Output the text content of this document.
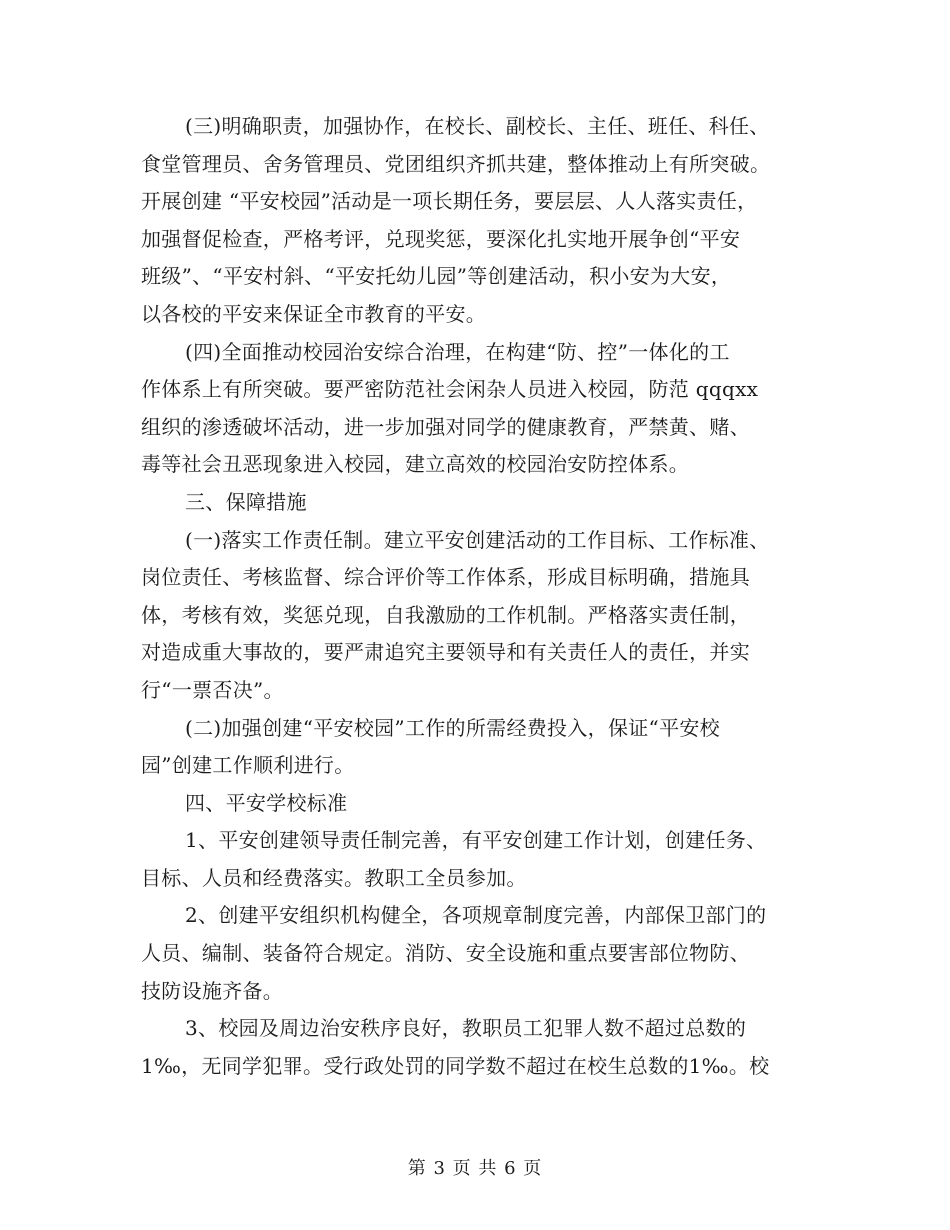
(三)明确职责，加强协作，在校长、副校长、主任、班任、科任、
食堂管理员、舍务管理员、党团组织齐抓共建，整体推动上有所突破。
开展创建 “平安校园”活动是一项长期任务，要层层、人人落实责任，
加强督促检查，严格考评，兑现奖惩，要深化扎实地开展争创“平安
班级”、“平安村斜、“平安托幼儿园”等创建活动，积小安为大安，
以各校的平安来保证全市教育的平安。
(四)全面推动校园治安综合治理，在构建“防、控”一体化的工
作体系上有所突破。要严密防范社会闲杂人员进入校园，防范 qqqxx
组织的渗透破坏活动，进一步加强对同学的健康教育，严禁黄、赌、
毒等社会丑恶现象进入校园，建立高效的校园治安防控体系。
三、保障措施
(一)落实工作责任制。建立平安创建活动的工作目标、工作标准、
岗位责任、考核监督、综合评价等工作体系，形成目标明确，措施具
体，考核有效，奖惩兑现，自我激励的工作机制。严格落实责任制，
对造成重大事故的，要严肃追究主要领导和有关责任人的责任，并实
行“一票否决”。
(二)加强创建“平安校园”工作的所需经费投入，保证“平安校
园”创建工作顺利进行。
四、平安学校标准
1、平安创建领导责任制完善，有平安创建工作计划，创建任务、
目标、人员和经费落实。教职工全员参加。
2、创建平安组织机构健全，各项规章制度完善，内部保卫部门的
人员、编制、装备符合规定。消防、安全设施和重点要害部位物防、
技防设施齐备。
3、校园及周边治安秩序良好，教职员工犯罪人数不超过总数的
1‰，无同学犯罪。受行政处罚的同学数不超过在校生总数的1‰。校
第 3 页 共 6 页
